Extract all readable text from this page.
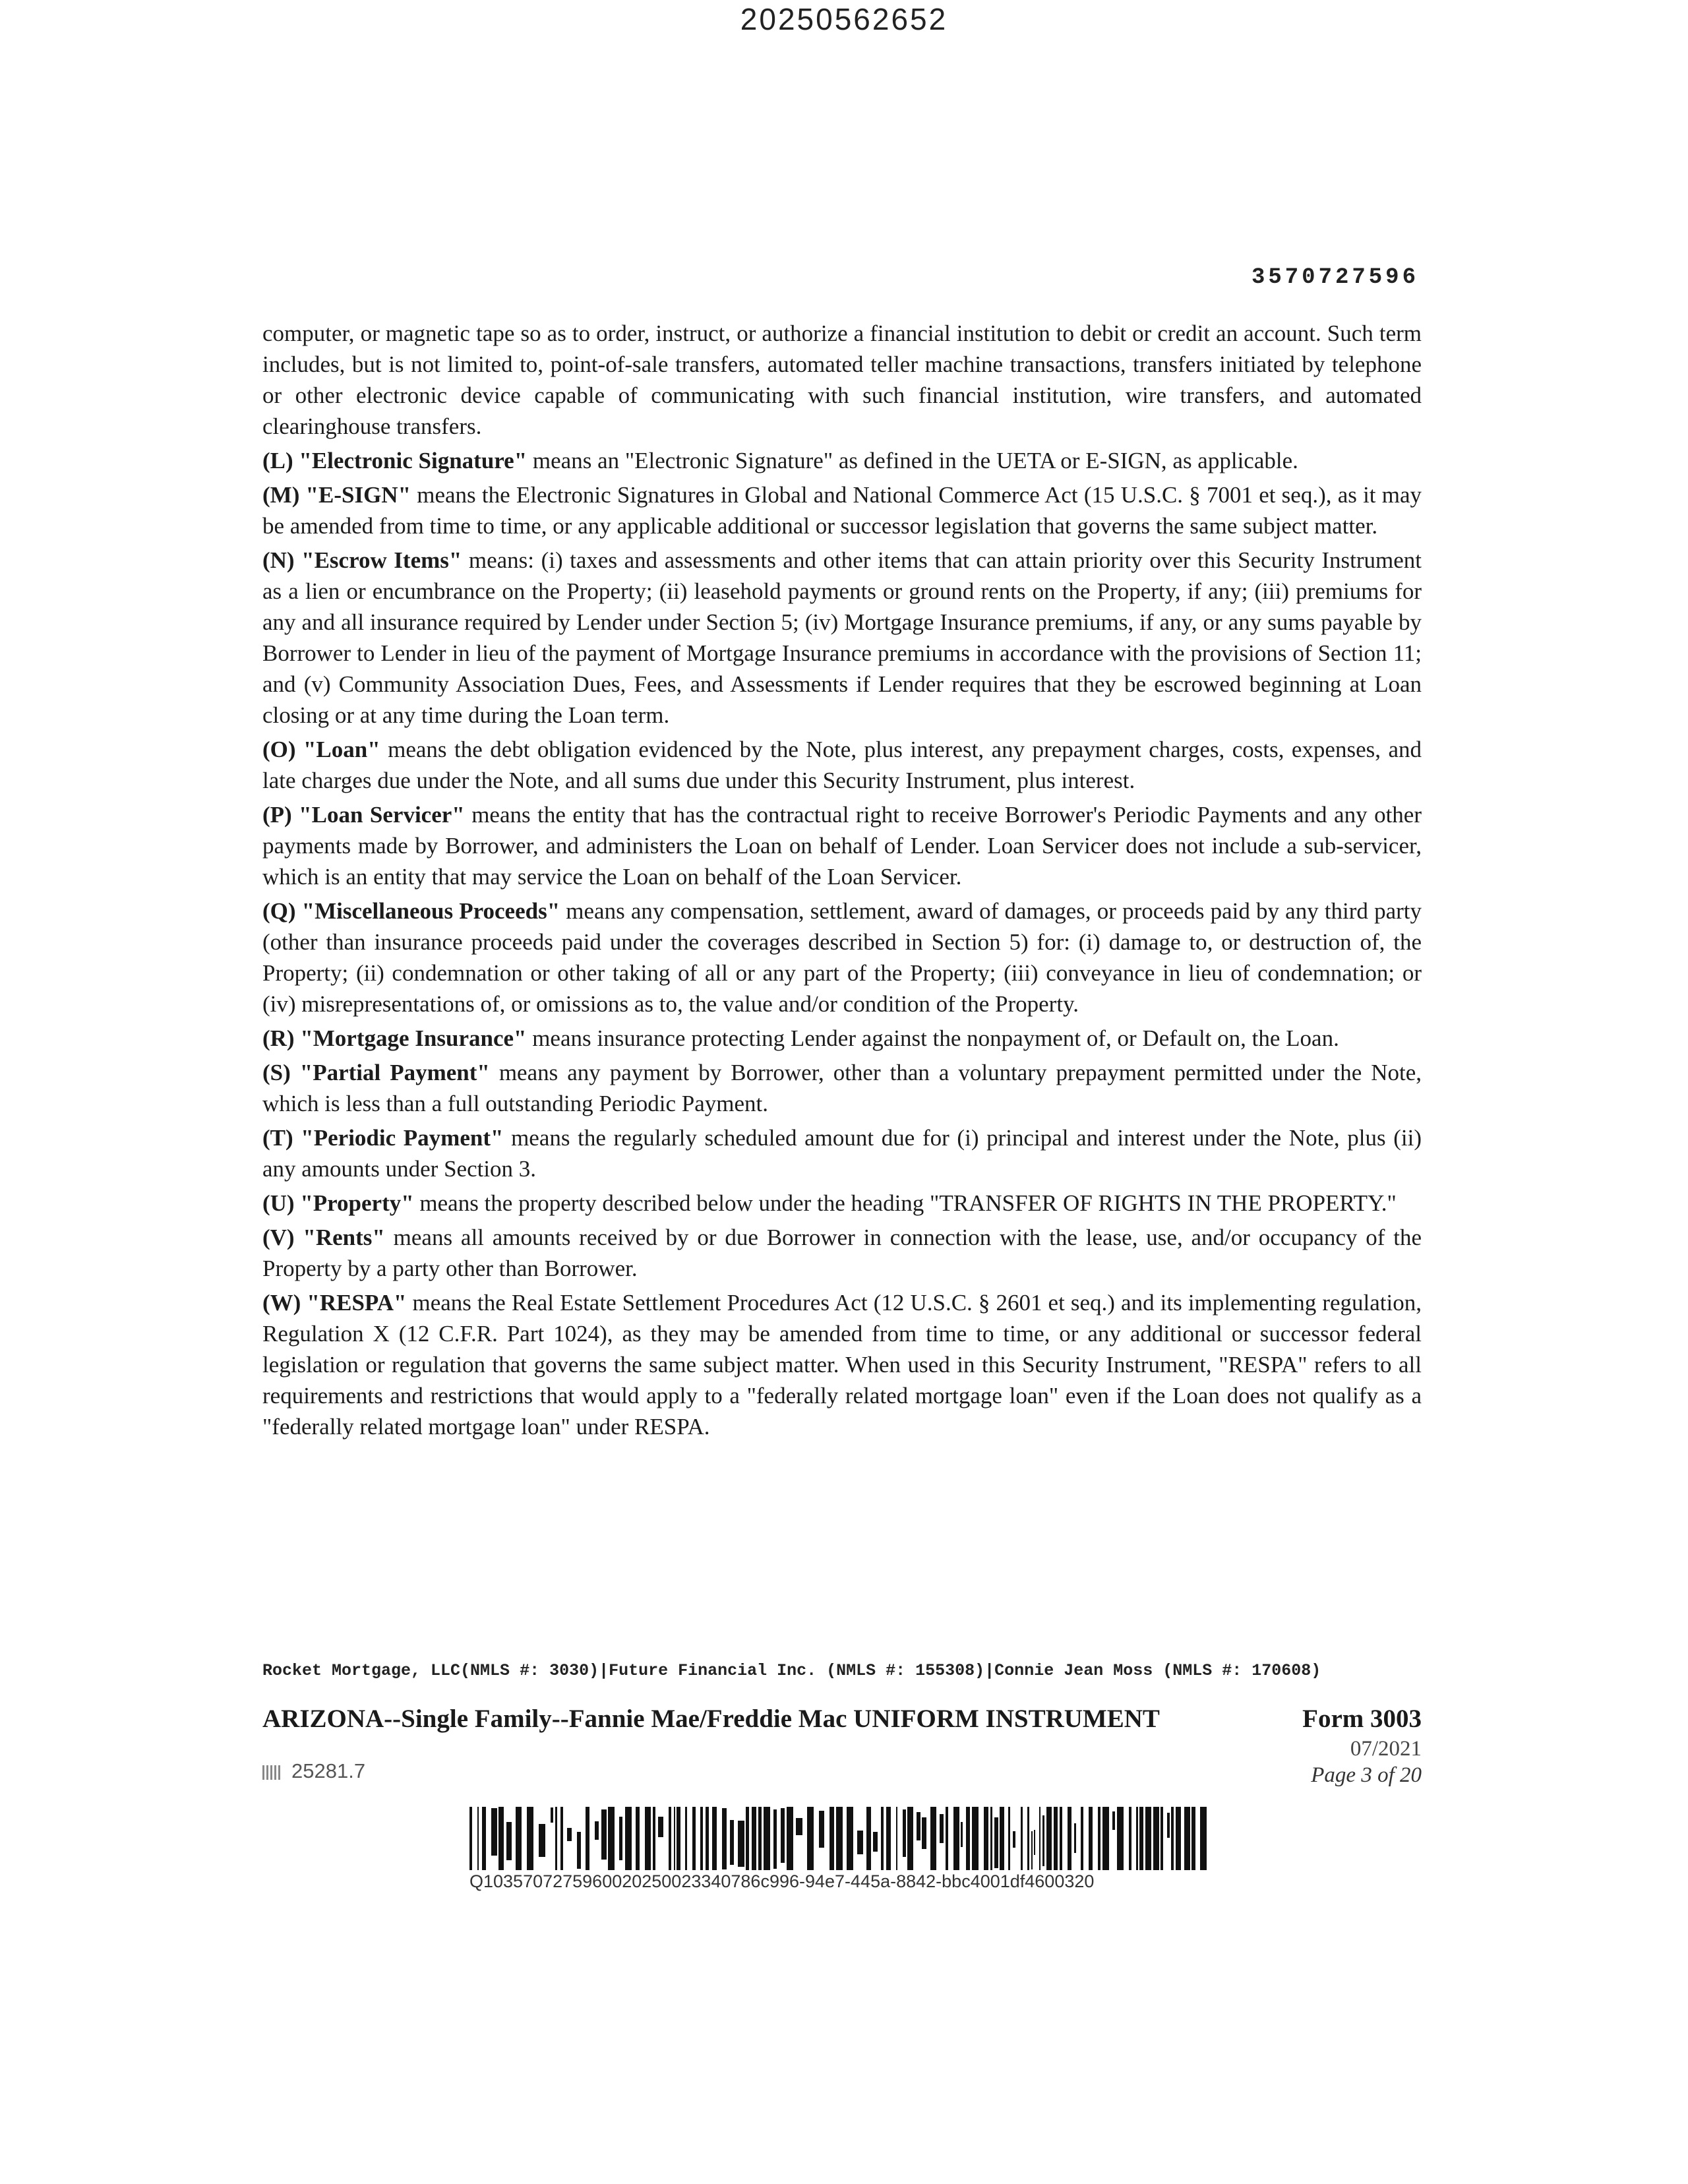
20250562652
3570727596

computer, or magnetic tape so as to order, instruct, or authorize a financial institution to debit or credit an account. Such term includes, but is not limited to, point-of-sale transfers, automated teller machine transactions, transfers initiated by telephone or other electronic device capable of communicating with such financial institution, wire transfers, and automated clearinghouse transfers.

(L) "Electronic Signature" means an "Electronic Signature" as defined in the UETA or E-SIGN, as applicable.

(M) "E-SIGN" means the Electronic Signatures in Global and National Commerce Act (15 U.S.C. § 7001 et seq.), as it may be amended from time to time, or any applicable additional or successor legislation that governs the same subject matter.

(N) "Escrow Items" means: (i) taxes and assessments and other items that can attain priority over this Security Instrument as a lien or encumbrance on the Property; (ii) leasehold payments or ground rents on the Property, if any; (iii) premiums for any and all insurance required by Lender under Section 5; (iv) Mortgage Insurance premiums, if any, or any sums payable by Borrower to Lender in lieu of the payment of Mortgage Insurance premiums in accordance with the provisions of Section 11; and (v) Community Association Dues, Fees, and Assessments if Lender requires that they be escrowed beginning at Loan closing or at any time during the Loan term.

(O) "Loan" means the debt obligation evidenced by the Note, plus interest, any prepayment charges, costs, expenses, and late charges due under the Note, and all sums due under this Security Instrument, plus interest.

(P) "Loan Servicer" means the entity that has the contractual right to receive Borrower's Periodic Payments and any other payments made by Borrower, and administers the Loan on behalf of Lender. Loan Servicer does not include a sub-servicer, which is an entity that may service the Loan on behalf of the Loan Servicer.

(Q) "Miscellaneous Proceeds" means any compensation, settlement, award of damages, or proceeds paid by any third party (other than insurance proceeds paid under the coverages described in Section 5) for: (i) damage to, or destruction of, the Property; (ii) condemnation or other taking of all or any part of the Property; (iii) conveyance in lieu of condemnation; or (iv) misrepresentations of, or omissions as to, the value and/or condition of the Property.

(R) "Mortgage Insurance" means insurance protecting Lender against the nonpayment of, or Default on, the Loan.

(S) "Partial Payment" means any payment by Borrower, other than a voluntary prepayment permitted under the Note, which is less than a full outstanding Periodic Payment.

(T) "Periodic Payment" means the regularly scheduled amount due for (i) principal and interest under the Note, plus (ii) any amounts under Section 3.

(U) "Property" means the property described below under the heading "TRANSFER OF RIGHTS IN THE PROPERTY."

(V) "Rents" means all amounts received by or due Borrower in connection with the lease, use, and/or occupancy of the Property by a party other than Borrower.

(W) "RESPA" means the Real Estate Settlement Procedures Act (12 U.S.C. § 2601 et seq.) and its implementing regulation, Regulation X (12 C.F.R. Part 1024), as they may be amended from time to time, or any additional or successor federal legislation or regulation that governs the same subject matter. When used in this Security Instrument, "RESPA" refers to all requirements and restrictions that would apply to a "federally related mortgage loan" even if the Loan does not qualify as a "federally related mortgage loan" under RESPA.

Rocket Mortgage, LLC(NMLS #: 3030)|Future Financial Inc. (NMLS #: 155308)|Connie Jean Moss (NMLS #: 170608)
ARIZONA--Single Family--Fannie Mae/Freddie Mac UNIFORM INSTRUMENT	Form 3003
07/2021
Page 3 of 20
25281.7
Q1035707275960020250023340786c996-94e7-445a-8842-bbc4001df4600320
